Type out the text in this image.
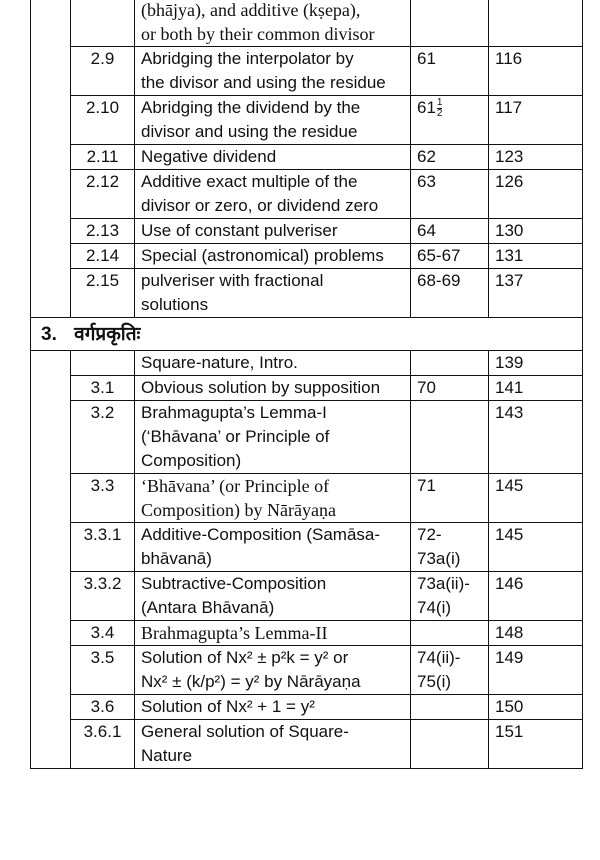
		(bhājya), and additive (kṣepa),
or both by their common divisor		

	2.9	Abridging the interpolator by
the divisor and using the residue	61	116
	2.10	Abridging the dividend by the
divisor and using the residue	$61 \frac{1}{2}$	117
	2.11	Negative dividend	62	123
	2.12	Additive exact multiple of the
divisor or zero, or dividend zero	63	126
	2.13	Use of constant pulveriser	64	130
	2.14	Special (astronomical) problems	65-67	131
	2.15	pulveriser with fractional
solutions	68-69	137
3. वर्गप्रकृतिः				

		Square-nature, Intro.		139
	3.1	Obvious solution by supposition	70	141
	3.2	Brahmagupta’s Lemma-I
(‘Bhāvana’ or Principle of
Composition)		143
	3.3	‘Bhāvana’ (or Principle of
Composition) by Nārāyaṇa	71	145
	3.3.1	Additive-Composition (Samāsa-
bhāvanā)	72-
73a(i)	145
	3.3.2	Subtractive-Composition
(Antara Bhāvanā)	73a(ii)-
74(i)	146
	3.4	Brahmagupta’s Lemma-II		148
	3.5	Solution of Nx² ± p²k = y² or
Nx² ± (k/p²) = y² by Nārāyaṇa	74(ii)-
75(i)	149
	3.6	Solution of Nx² + 1 = y²		150
	3.6.1	General solution of Square-
Nature		151
